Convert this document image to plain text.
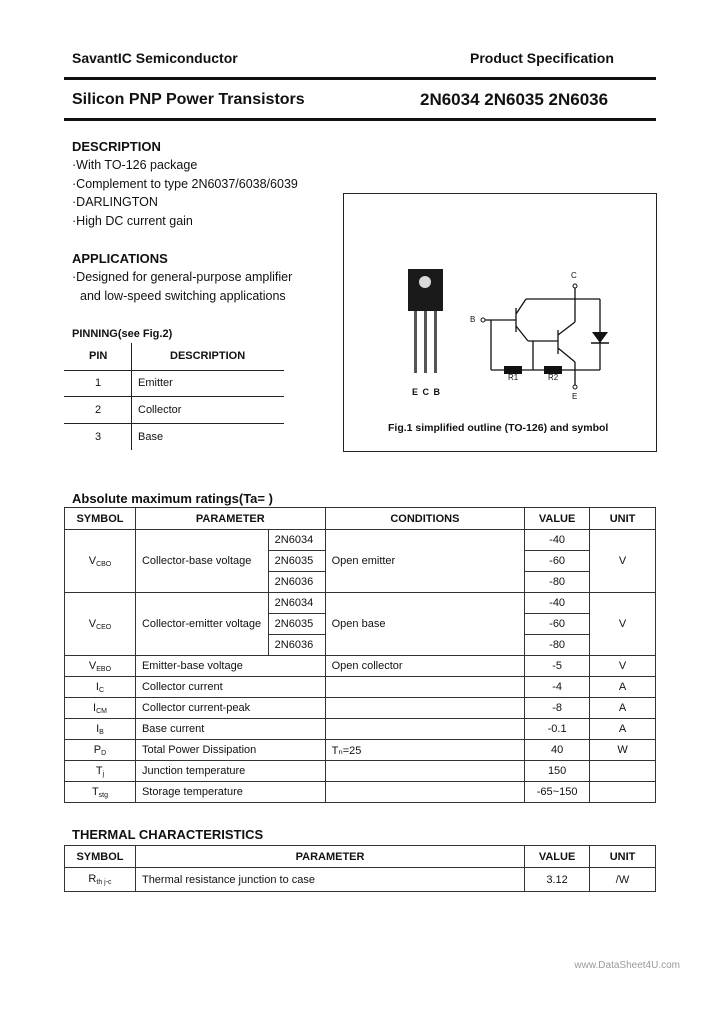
SavantIC Semiconductor	Product Specification
Silicon PNP Power Transistors	2N6034 2N6035 2N6036
DESCRIPTION
·With TO-126 package
·Complement to type 2N6037/6038/6039
·DARLINGTON
·High DC current gain
APPLICATIONS
·Designed for general-purpose amplifier
and low-speed switching applications
PINNING(see Fig.2)
PIN	DESCRIPTION
1	Emitter
2	Collector
3	Base
C
B
E
R1	R2
E C B
Fig.1 simplified outline (TO-126) and symbol
Absolute maximum ratings(Ta= )
SYMBOL	PARAMETER		CONDITIONS	VALUE	UNIT
$V_{CBO}$	Collector-base voltage	2N6034	Open emitter	-40	V
		2N6035		-60	
		2N6036		-80	
$V_{CEO}$	Collector-emitter voltage	2N6034	Open base	-40	V
		2N6035		-60	
		2N6036		-80	
$V_{EBO}$	Emitter-base voltage		Open collector	-5	V
$I_C$	Collector current			-4	A
$I_{CM}$	Collector current-peak			-8	A
$I_B$	Base current			-0.1	A
$P_D$	Total Power Dissipation		Tₙ=25	40	W
$T_j$	Junction temperature			150	
$T_{stg}$	Storage temperature			-65~150	
THERMAL CHARACTERISTICS
SYMBOL	PARAMETER	VALUE	UNIT
$R_{th j-c}$	Thermal resistance junction to case	3.12	/W
www.DataSheet4U.com
